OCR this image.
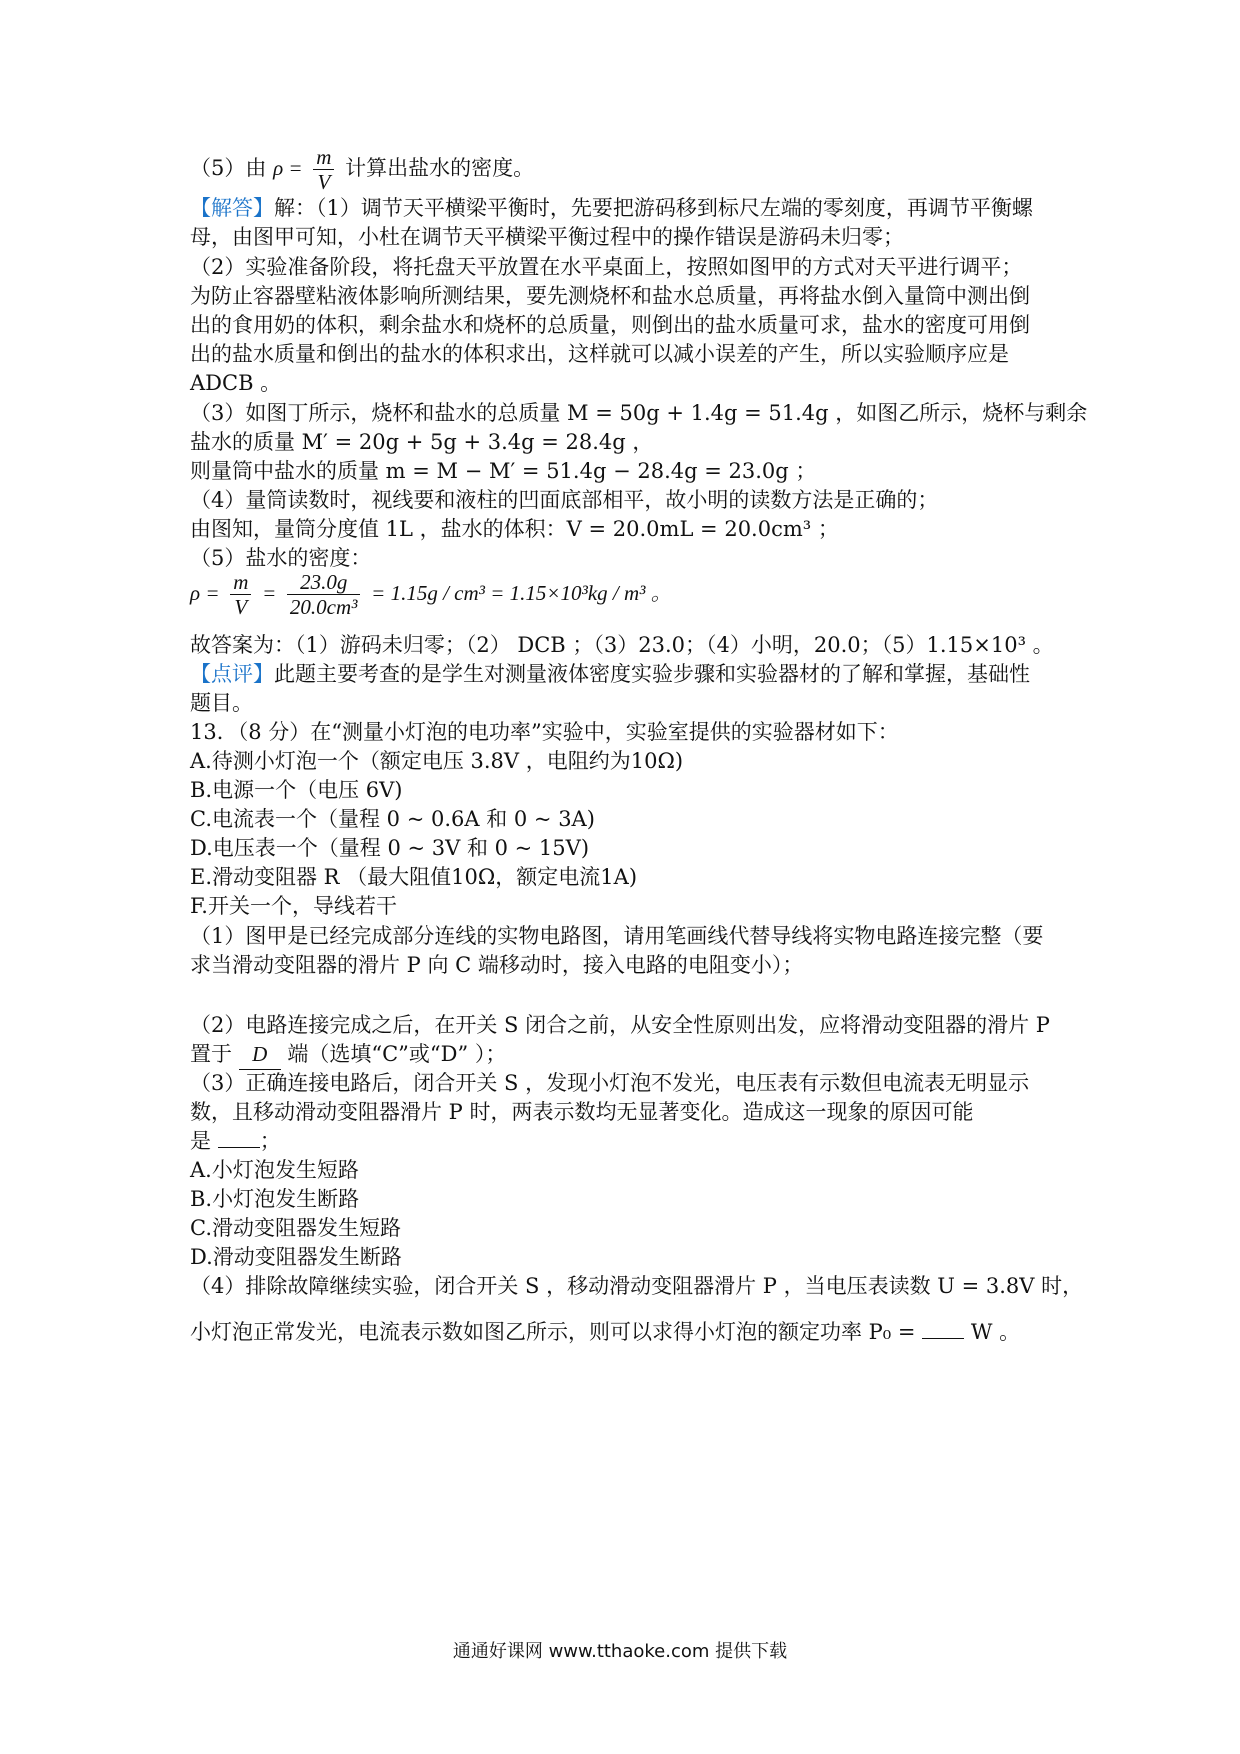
（5）由 $\rho = \frac{m}{V}$ 计算出盐水的密度。
【解答】解：（1）调节天平横梁平衡时，先要把游码移到标尺左端的零刻度，再调节平衡螺
母，由图甲可知，小杜在调节天平横梁平衡过程中的操作错误是游码未归零；
（2）实验准备阶段，将托盘天平放置在水平桌面上，按照如图甲的方式对天平进行调平；
为防止容器壁粘液体影响所测结果，要先测烧杯和盐水总质量，再将盐水倒入量筒中测出倒
出的食用奶的体积，剩余盐水和烧杯的总质量，则倒出的盐水质量可求，盐水的密度可用倒
出的盐水质量和倒出的盐水的体积求出，这样就可以减小误差的产生，所以实验顺序应是
ADCB 。
（3）如图丁所示，烧杯和盐水的总质量 M = 50g + 1.4g = 51.4g ，如图乙所示，烧杯与剩余
盐水的质量 M′ = 20g + 5g + 3.4g = 28.4g ，
则量筒中盐水的质量 m = M − M′ = 51.4g − 28.4g = 23.0g ；
（4）量筒读数时，视线要和液柱的凹面底部相平，故小明的读数方法是正确的；
由图知，量筒分度值 1L ，盐水的体积：V = 20.0mL = 20.0cm³ ；
（5）盐水的密度：
$\rho = \frac{m}{V} = \frac{23.0g}{\text{20.0cm³}} = 1.15g / cm^3 = 1.15\times 10^3kg / m^3$ 。
故答案为：（1）游码未归零；（2） DCB ；（3）23.0；（4）小明，20.0；（5）1.15×10³ 。
【点评】此题主要考查的是学生对测量液体密度实验步骤和实验器材的了解和掌握，基础性
题目。
13．（8 分）在“测量小灯泡的电功率”实验中，实验室提供的实验器材如下：
A.待测小灯泡一个（额定电压 3.8V ，电阻约为10Ω)
B.电源一个（电压 6V)
C.电流表一个（量程 0 ~ 0.6A 和 0 ~ 3A)
D.电压表一个（量程 0 ~ 3V 和 0 ~ 15V)
E.滑动变阻器 R （最大阻值10Ω，额定电流1A)
F.开关一个，导线若干
（1）图甲是已经完成部分连线的实物电路图，请用笔画线代替导线将实物电路连接完整（要
求当滑动变阻器的滑片 P 向 C 端移动时，接入电路的电阻变小）；
（2）电路连接完成之后，在开关 S 闭合之前，从安全性原则出发，应将滑动变阻器的滑片 P
置于 D 端（选填“C”或“D” ）；
（3）正确连接电路后，闭合开关 S ，发现小灯泡不发光，电压表有示数但电流表无明显示
数，且移动滑动变阻器滑片 P 时，两表示数均无显著变化。造成这一现象的原因可能
是 ；
A.小灯泡发生短路
B.小灯泡发生断路
C.滑动变阻器发生短路
D.滑动变阻器发生断路
（4）排除故障继续实验，闭合开关 S ，移动滑动变阻器滑片 P ，当电压表读数 U = 3.8V 时，
小灯泡正常发光，电流表示数如图乙所示，则可以求得小灯泡的额定功率 P₀ =  W 。
通通好课网 www.tthaoke.com 提供下载
